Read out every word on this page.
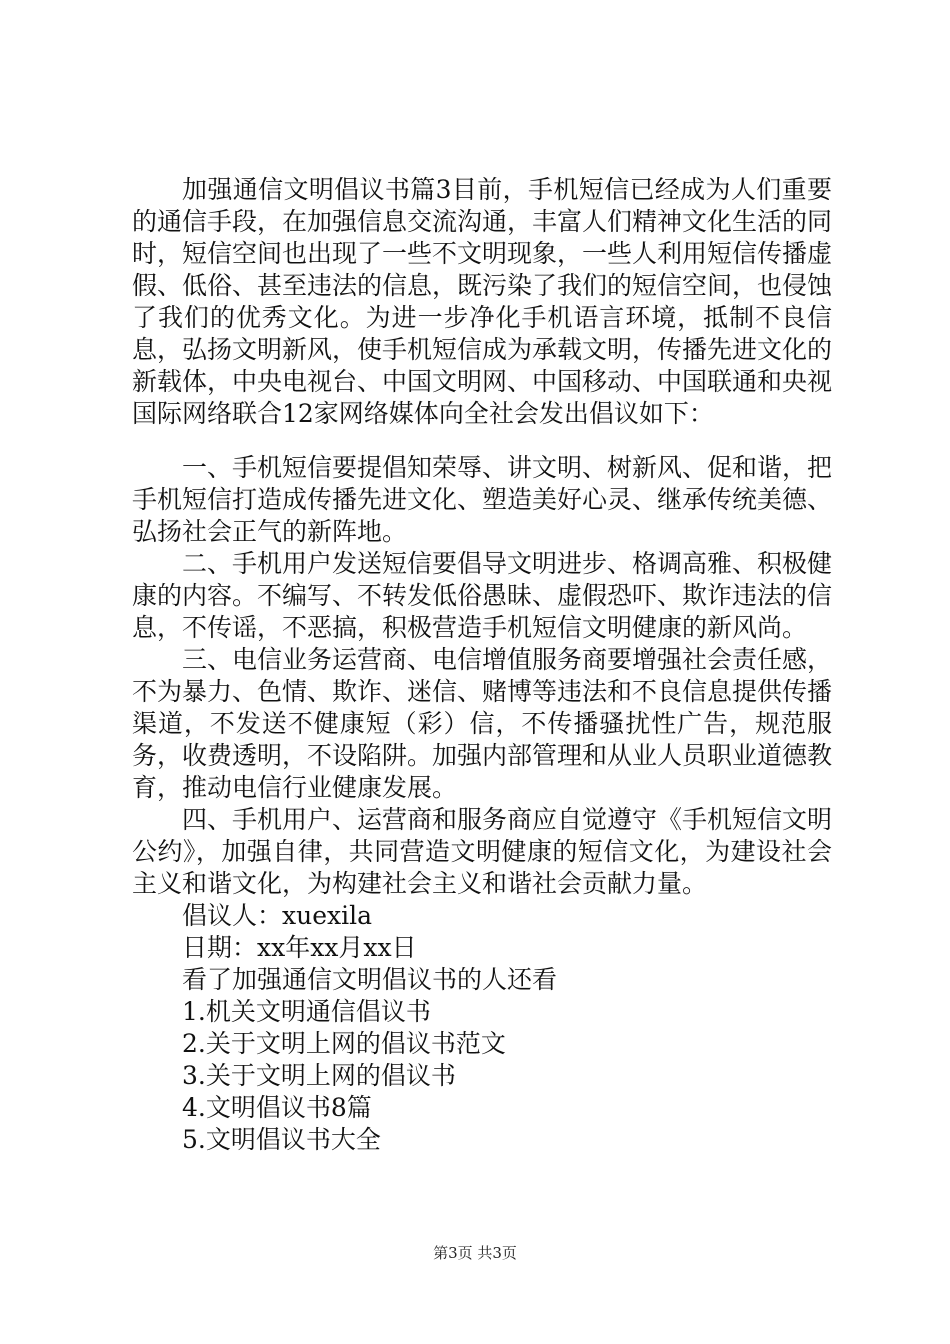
加强通信文明倡议书篇3目前，手机短信已经成为人们重要的通信手段，在加强信息交流沟通，丰富人们精神文化生活的同时，短信空间也出现了一些不文明现象，一些人利用短信传播虚假、低俗、甚至违法的信息，既污染了我们的短信空间，也侵蚀了我们的优秀文化。为进一步净化手机语言环境，抵制不良信息，弘扬文明新风，使手机短信成为承载文明，传播先进文化的新载体，中央电视台、中国文明网、中国移动、中国联通和央视国际网络联合12家网络媒体向全社会发出倡议如下：

一、手机短信要提倡知荣辱、讲文明、树新风、促和谐，把手机短信打造成传播先进文化、塑造美好心灵、继承传统美德、弘扬社会正气的新阵地。

二、手机用户发送短信要倡导文明进步、格调高雅、积极健康的内容。不编写、不转发低俗愚昧、虚假恐吓、欺诈违法的信息，不传谣，不恶搞，积极营造手机短信文明健康的新风尚。

三、电信业务运营商、电信增值服务商要增强社会责任感，不为暴力、色情、欺诈、迷信、赌博等违法和不良信息提供传播渠道，不发送不健康短（彩）信，不传播骚扰性广告，规范服务，收费透明，不设陷阱。加强内部管理和从业人员职业道德教育，推动电信行业健康发展。

四、手机用户、运营商和服务商应自觉遵守《手机短信文明公约》，加强自律，共同营造文明健康的短信文化，为建设社会主义和谐文化，为构建社会主义和谐社会贡献力量。

倡议人：xuexila

日期：xx年xx月xx日

看了加强通信文明倡议书的人还看

1.机关文明通信倡议书

2.关于文明上网的倡议书范文

3.关于文明上网的倡议书

4.文明倡议书8篇

5.文明倡议书大全

第3页 共3页
